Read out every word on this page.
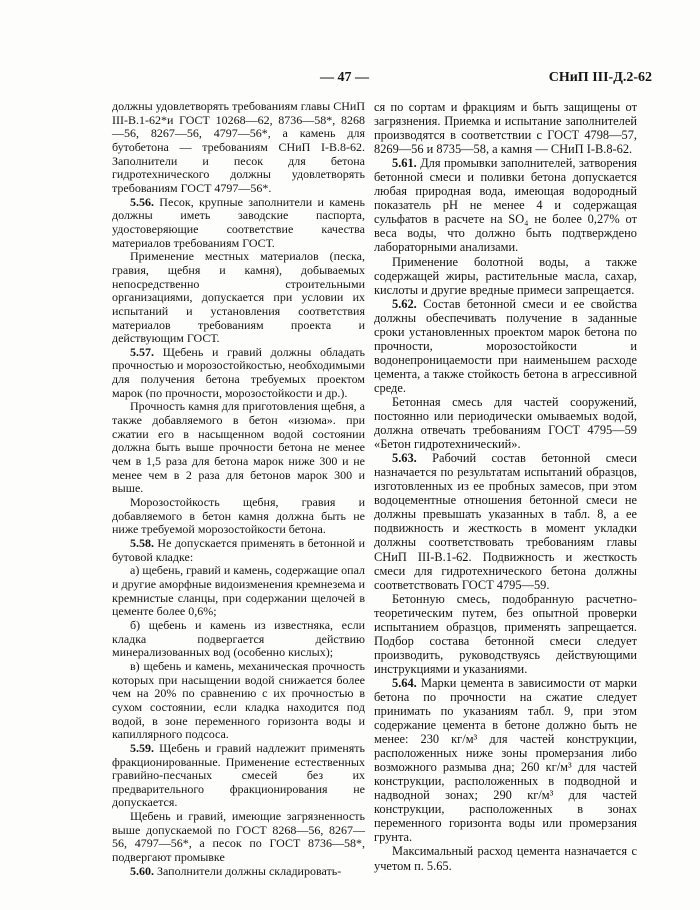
— 47 —	СНиП III-Д.2-62

должны удовлетворять требованиям главы СНиП III-В.1-62*и ГОСТ 10268—62, 8736—58*, 8268—56, 8267—56, 4797—56*, а камень для бутобетона — требованиям СНиП I-В.8-62. Заполнители и песок для бетона гидротехнического должны удовлетворять требованиям ГОСТ 4797—56*.

5.56. Песок, крупные заполнители и камень должны иметь заводские паспорта, удостоверяющие соответствие качества материалов требованиям ГОСТ.

Применение местных материалов (песка, гравия, щебня и камня), добываемых непосредственно строительными организациями, допускается при условии их испытаний и установления соответствия материалов требованиям проекта и действующим ГОСТ.

5.57. Щебень и гравий должны обладать прочностью и морозостойкостью, необходимыми для получения бетона требуемых проектом марок (по прочности, морозостойкости и др.).

Прочность камня для приготовления щебня, а также добавляемого в бетон «изюма». при сжатии его в насыщенном водой состоянии должна быть выше прочности бетона не менее чем в 1,5 раза для бетона марок ниже 300 и не менее чем в 2 раза для бетонов марок 300 и выше.

Морозостойкость щебня, гравия и добавляемого в бетон камня должна быть не ниже требуемой морозостойкости бетона.

5.58. Не допускается применять в бетонной и бутовой кладке:

а) щебень, гравий и камень, содержащие опал и другие аморфные видоизменения кремнезема и кремнистые сланцы, при содержании щелочей в цементе более 0,6%;

б) щебень и камень из известняка, если кладка подвергается действию минерализованных вод (особенно кислых);

в) щебень и камень, механическая прочность которых при насыщении водой снижается более чем на 20% по сравнению с их прочностью в сухом состоянии, если кладка находится под водой, в зоне переменного горизонта воды и капиллярного подсоса.

5.59. Щебень и гравий надлежит применять фракционированные. Применение естественных гравийно-песчаных смесей без их предварительного фракционирования не допускается.

Щебень и гравий, имеющие загрязненность выше допускаемой по ГОСТ 8268—56, 8267—56, 4797—56*, а песок по ГОСТ 8736—58*, подвергают промывке

5.60. Заполнители должны складировать-

ся по сортам и фракциям и быть защищены от загрязнения. Приемка и испытание заполнителей производятся в соответствии с ГОСТ 4798—57, 8269—56 и 8735—58, а камня — СНиП I-В.8-62.

5.61. Для промывки заполнителей, затворения бетонной смеси и поливки бетона допускается любая природная вода, имеющая водородный показатель pH не менее 4 и содержащая сульфатов в расчете на SO₄ не более 0,27% от веса воды, что должно быть подтверждено лабораторными анализами.

Применение болотной воды, а также содержащей жиры, растительные масла, сахар, кислоты и другие вредные примеси запрещается.

5.62. Состав бетонной смеси и ее свойства должны обеспечивать получение в заданные сроки установленных проектом марок бетона по прочности, морозостойкости и водонепроницаемости при наименьшем расходе цемента, а также стойкость бетона в агрессивной среде.

Бетонная смесь для частей сооружений, постоянно или периодически омываемых водой, должна отвечать требованиям ГОСТ 4795—59 «Бетон гидротехнический».

5.63. Рабочий состав бетонной смеси назначается по результатам испытаний образцов, изготовленных из ее пробных замесов, при этом водоцементные отношения бетонной смеси не должны превышать указанных в табл. 8, а ее подвижность и жесткость в момент укладки должны соответствовать требованиям главы СНиП III-В.1-62. Подвижность и жесткость смеси для гидротехнического бетона должны соответствовать ГОСТ 4795—59.

Бетонную смесь, подобранную расчетно-теоретическим путем, без опытной проверки испытанием образцов, применять запрещается. Подбор состава бетонной смеси следует производить, руководствуясь действующими инструкциями и указаниями.

5.64. Марки цемента в зависимости от марки бетона по прочности на сжатие следует принимать по указаниям табл. 9, при этом содержание цемента в бетоне должно быть не менее: 230 кг/м³ для частей конструкции, расположенных ниже зоны промерзания либо возможного размыва дна; 260 кг/м³ для частей конструкции, расположенных в подводной и надводной зонах; 290 кг/м³ для частей конструкции, расположенных в зонах переменного горизонта воды или промерзания грунта.

Максимальный расход цемента назначается с учетом п. 5.65.
